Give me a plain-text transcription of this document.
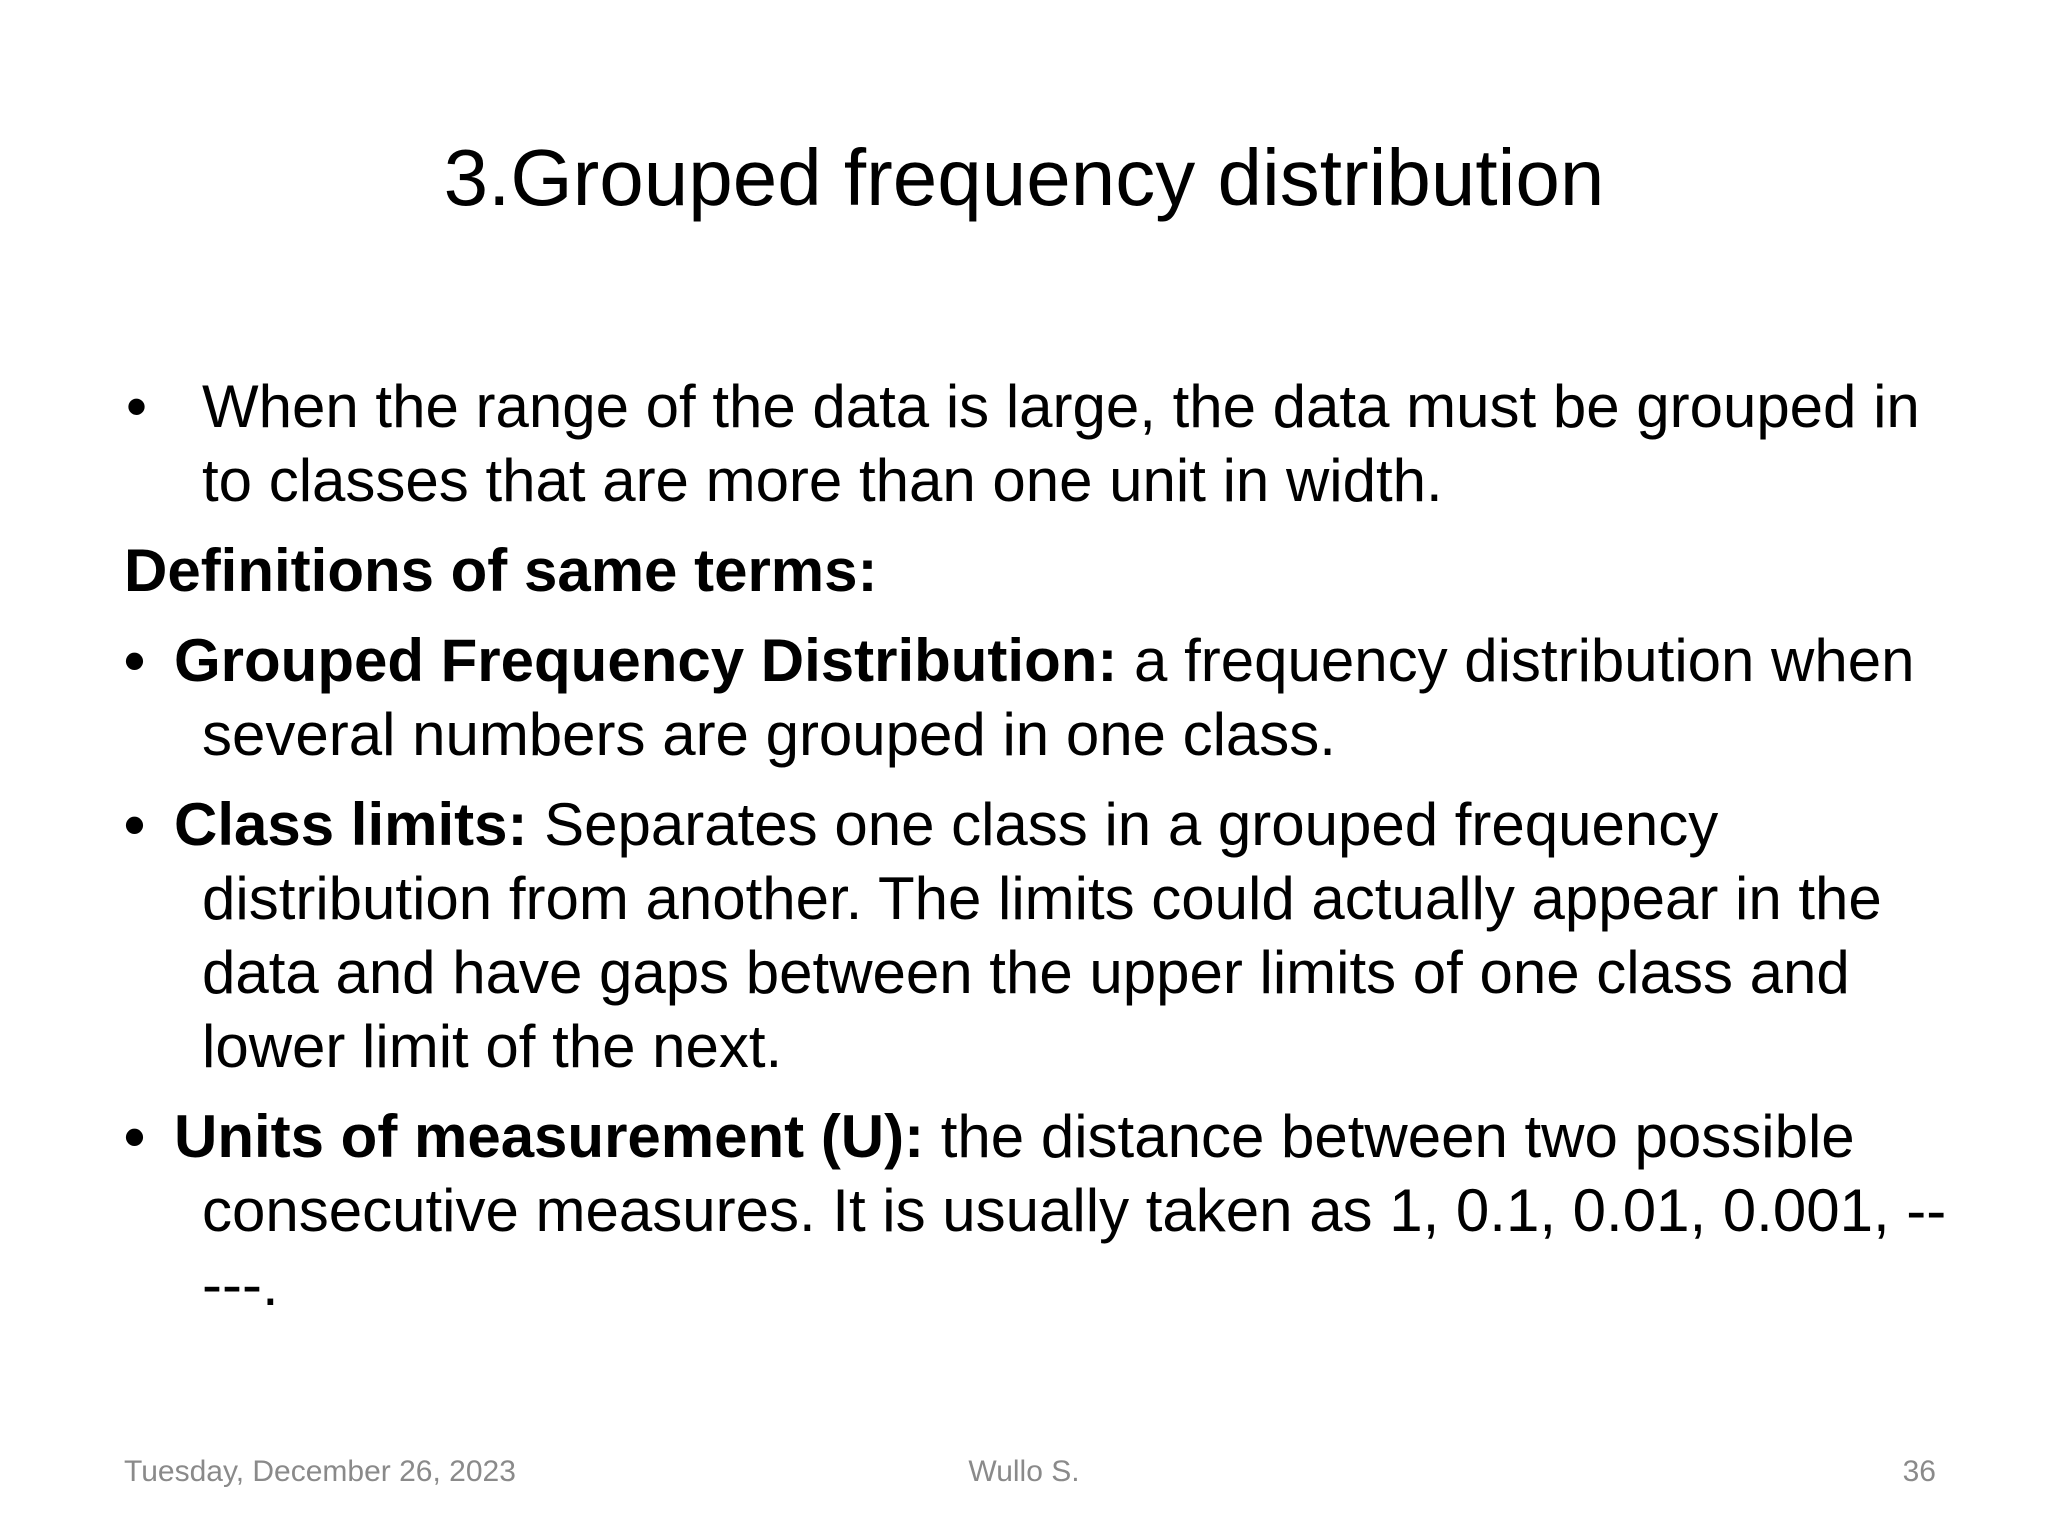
3.Grouped frequency distribution

• When the range of the data is large, the data must be grouped in to classes that are more than one unit in width.

Definitions of same terms:

• Grouped Frequency Distribution: a frequency distribution when several numbers are grouped in one class.

• Class limits: Separates one class in a grouped frequency distribution from another. The limits could actually appear in the data and have gaps between the upper limits of one class and lower limit of the next.

• Units of measurement (U): the distance between two possible consecutive measures. It is usually taken as 1, 0.1, 0.01, 0.001, -----.

Tuesday, December 26, 2023	Wullo S.	36
